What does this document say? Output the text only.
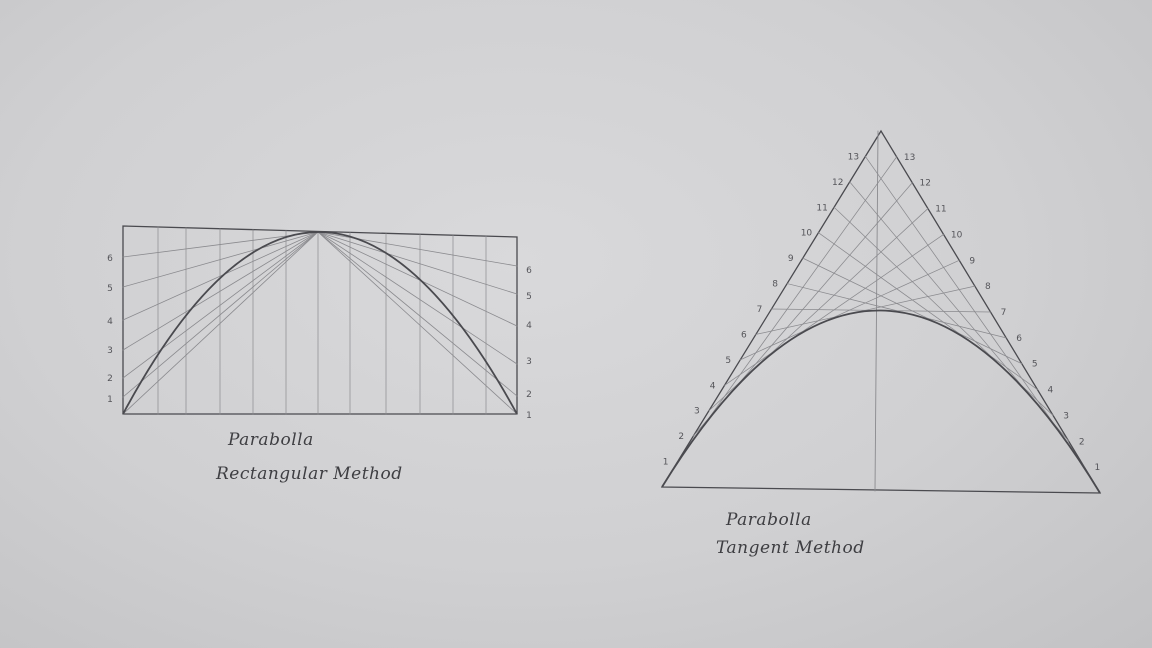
1
2
3
4
5
6
1
2
3
4
5
6
1
2
3
4
5
6
7
8
9
10
11
12
13
1
2
3
4
5
6
7
8
9
10
11
12
13
Parabolla
Rectangular Method
Parabolla
Tangent Method
